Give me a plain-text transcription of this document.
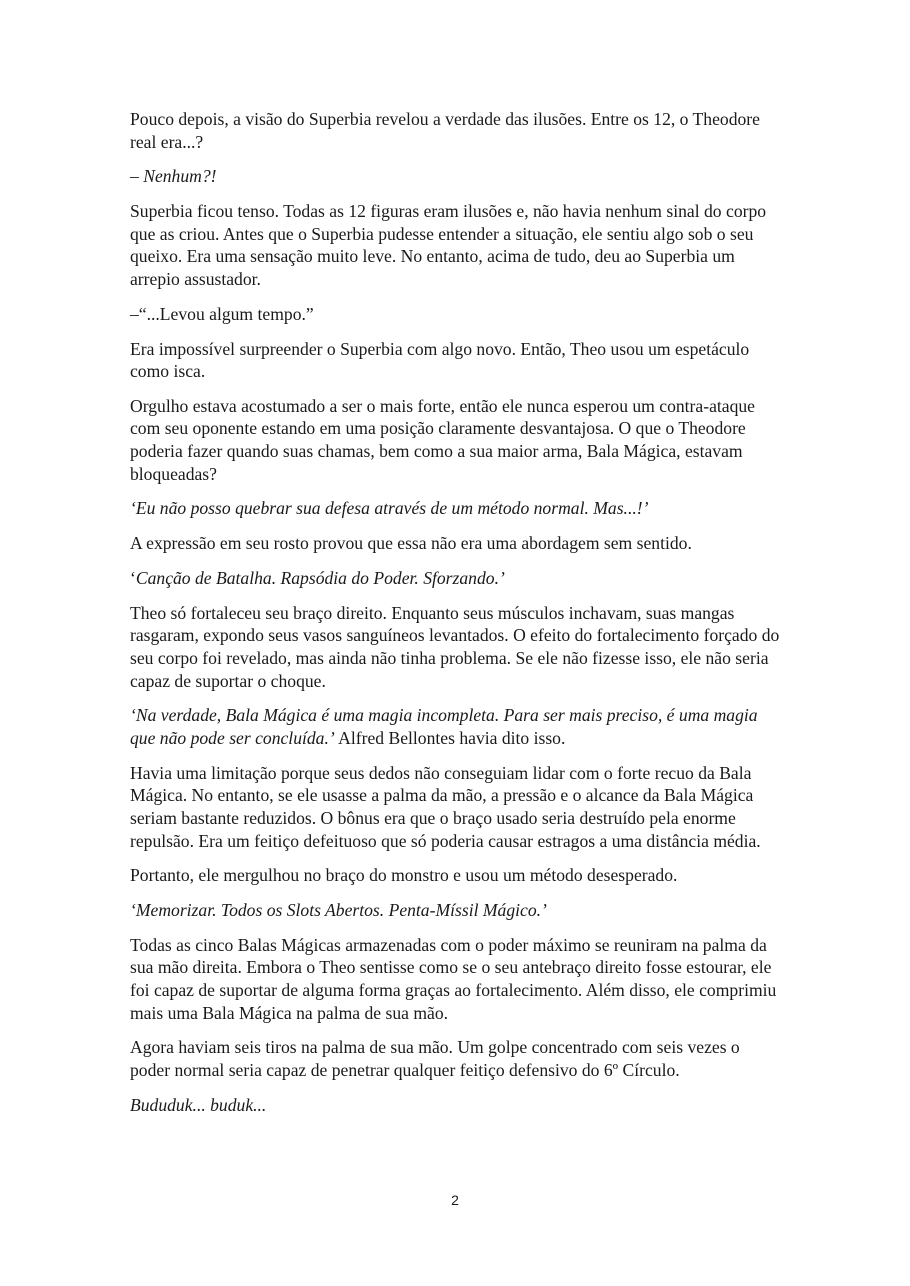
Pouco depois, a visão do Superbia revelou a verdade das ilusões. Entre os 12, o Theodore real era...?

– Nenhum?!

Superbia ficou tenso. Todas as 12 figuras eram ilusões e, não havia nenhum sinal do corpo que as criou. Antes que o Superbia pudesse entender a situação, ele sentiu algo sob o seu queixo. Era uma sensação muito leve. No entanto, acima de tudo, deu ao Superbia um arrepio assustador.

–“...Levou algum tempo.”

Era impossível surpreender o Superbia com algo novo. Então, Theo usou um espetáculo como isca.

Orgulho estava acostumado a ser o mais forte, então ele nunca esperou um contra-ataque com seu oponente estando em uma posição claramente desvantajosa. O que o Theodore poderia fazer quando suas chamas, bem como a sua maior arma, Bala Mágica, estavam bloqueadas?

‘Eu não posso quebrar sua defesa através de um método normal. Mas...!’

A expressão em seu rosto provou que essa não era uma abordagem sem sentido.

‘Canção de Batalha. Rapsódia do Poder. Sforzando.’

Theo só fortaleceu seu braço direito. Enquanto seus músculos inchavam, suas mangas rasgaram, expondo seus vasos sanguíneos levantados. O efeito do fortalecimento forçado do seu corpo foi revelado, mas ainda não tinha problema. Se ele não fizesse isso, ele não seria capaz de suportar o choque.

‘Na verdade, Bala Mágica é uma magia incompleta. Para ser mais preciso, é uma magia que não pode ser concluída.’ Alfred Bellontes havia dito isso.

Havia uma limitação porque seus dedos não conseguiam lidar com o forte recuo da Bala Mágica. No entanto, se ele usasse a palma da mão, a pressão e o alcance da Bala Mágica seriam bastante reduzidos. O bônus era que o braço usado seria destruído pela enorme repulsão. Era um feitiço defeituoso que só poderia causar estragos a uma distância média.

Portanto, ele mergulhou no braço do monstro e usou um método desesperado.

‘Memorizar. Todos os Slots Abertos. Penta-Míssil Mágico.’

Todas as cinco Balas Mágicas armazenadas com o poder máximo se reuniram na palma da sua mão direita. Embora o Theo sentisse como se o seu antebraço direito fosse estourar, ele foi capaz de suportar de alguma forma graças ao fortalecimento. Além disso, ele comprimiu mais uma Bala Mágica na palma de sua mão.

Agora haviam seis tiros na palma de sua mão. Um golpe concentrado com seis vezes o poder normal seria capaz de penetrar qualquer feitiço defensivo do 6º Círculo.

Bududuk... buduk...

2
